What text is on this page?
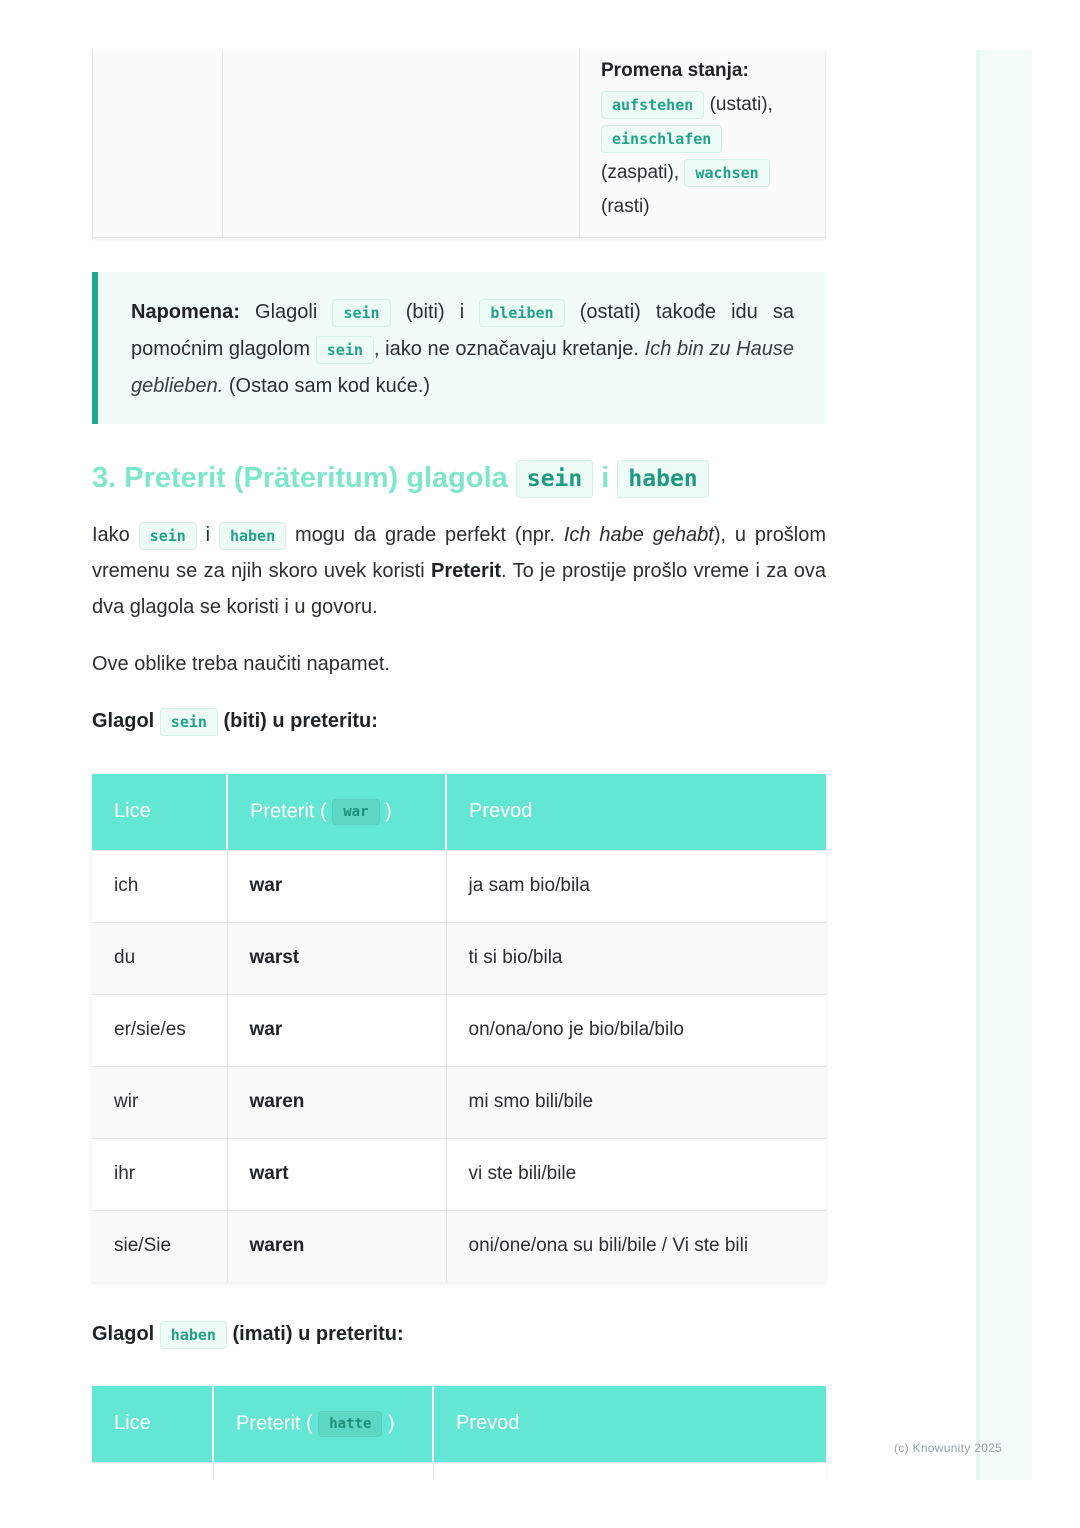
Promena stanja:
aufstehen (ustati),
einschlafen
(zaspati), wachsen
(rasti)
Napomena: Glagoli sein (biti) i bleiben (ostati) takođe idu sa pomoćnim glagolom sein , iako ne označavaju kretanje. Ich bin zu Hause geblieben. (Ostao sam kod kuće.)
3. Preterit (Präteritum) glagola sein i haben
Iako sein i haben mogu da grade perfekt (npr. Ich habe gehabt), u prošlom vremenu se za njih skoro uvek koristi Preterit. To je prostije prošlo vreme i za ova dva glagola se koristi i u govoru.
Ove oblike treba naučiti napamet.
Glagol sein (biti) u preteritu:
Lice	Preterit ( war )	Prevod
ich	war	ja sam bio/bila
du	warst	ti si bio/bila
er/sie/es	war	on/ona/ono je bio/bila/bilo
wir	waren	mi smo bili/bile
ihr	wart	vi ste bili/bile
sie/Sie	waren	oni/one/ona su bili/bile / Vi ste bili
Glagol haben (imati) u preteritu:
Lice	Preterit ( hatte )	Prevod

(c) Knowunity 2025
